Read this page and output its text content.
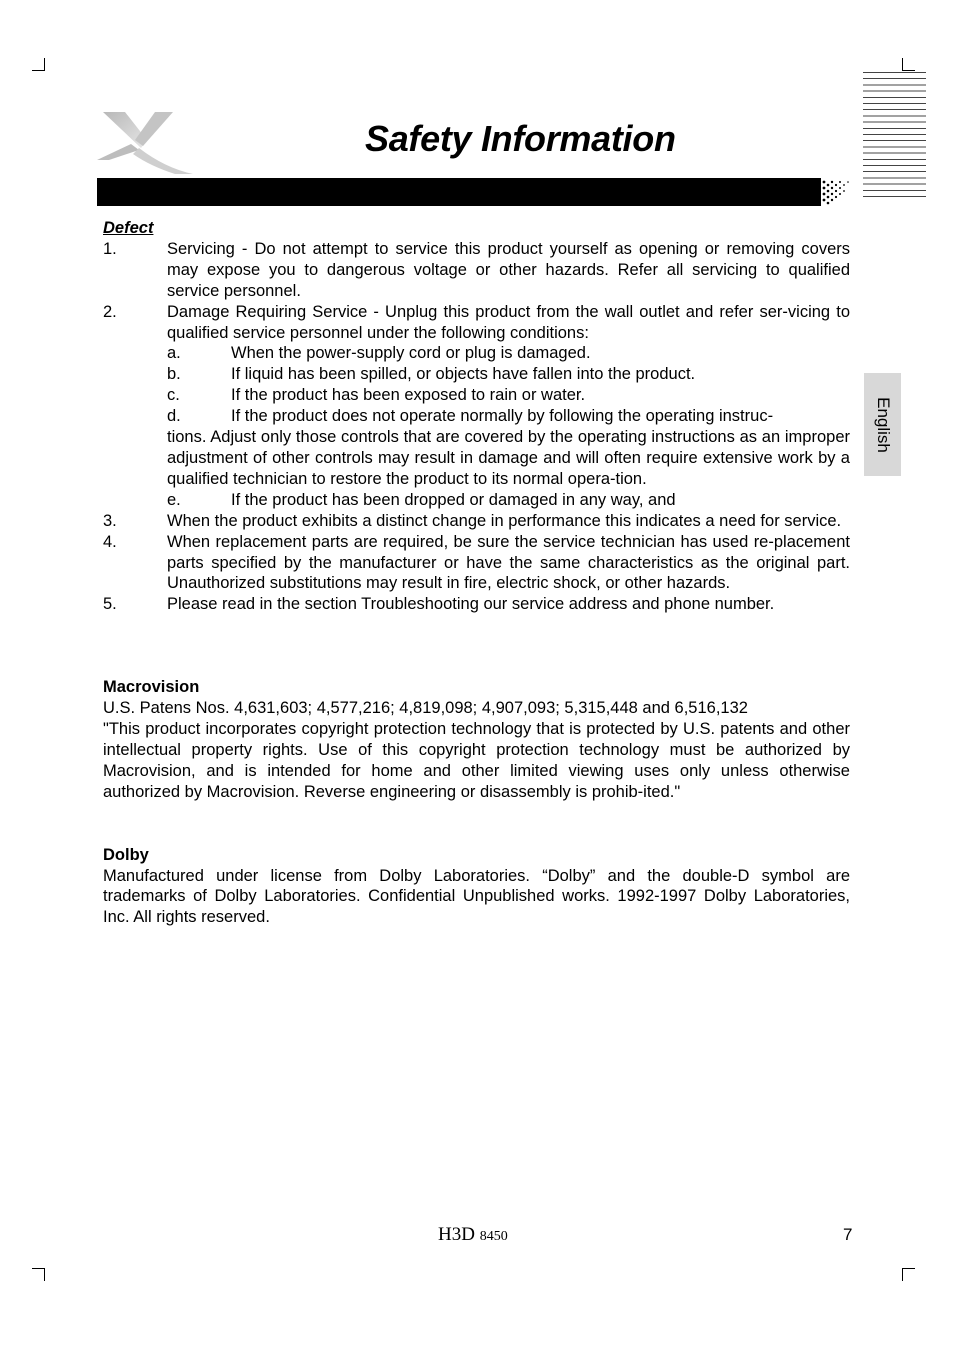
Safety Information
English
Defect
1.	Servicing - Do not attempt to service this product yourself as opening or removing covers may expose you to dangerous voltage or other hazards. Refer all servicing to qualified service personnel.
2.	Damage Requiring Service - Unplug this product from the wall outlet and refer ser-vicing to qualified service personnel under the following conditions:
a.	When the power-supply cord or plug is damaged.
b.	If liquid has been spilled, or objects have fallen into the product.
c.	If the product has been exposed to rain or water.
d.	If the product does not operate normally by following the operating instruc-
tions. Adjust only those controls that are covered by the operating instructions as an improper adjustment of other controls may result in damage and will often require extensive work by a qualified technician to restore the product to its normal opera-tion.
e.	If the product has been dropped or damaged in any way, and
3.	When the product exhibits a distinct change in performance this indicates a need for service.
4.	When replacement parts are required, be sure the service technician has used re-placement parts specified by the manufacturer or have the same characteristics as the original part. Unauthorized substitutions may result in fire, electric shock, or other hazards.
5.	Please read in the section Troubleshooting our service address and phone number.
Macrovision
U.S. Patens Nos. 4,631,603; 4,577,216; 4,819,098; 4,907,093; 5,315,448 and 6,516,132

"This product incorporates copyright protection technology that is protected by U.S. patents and other intellectual property rights. Use of this copyright protection technology must be authorized by Macrovision, and is intended for home and other limited viewing uses only unless otherwise authorized by Macrovision. Reverse engineering or disassembly is prohib-ited."

Dolby

Manufactured under license from Dolby Laboratories. “Dolby” and the double-D symbol are trademarks of Dolby Laboratories. Confidential Unpublished works. 1992-1997 Dolby Laboratories, Inc. All rights reserved.

H3D 8450	7
